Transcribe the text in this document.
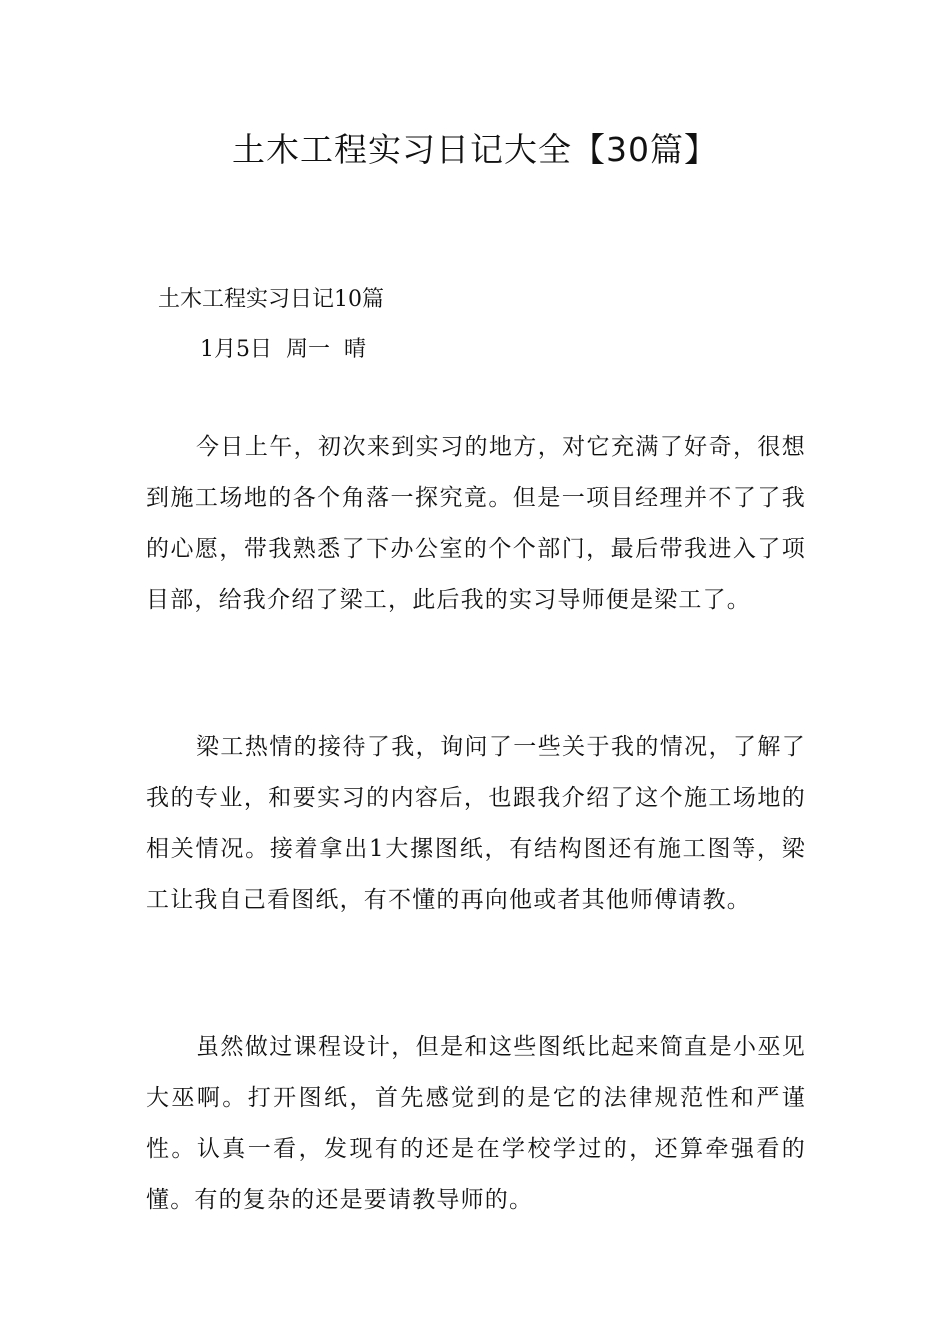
土木工程实习日记大全【30篇】

土木工程实习日记10篇

1月5日  周一  晴

今日上午，初次来到实习的地方，对它充满了好奇，很想到施工场地的各个角落一探究竟。但是一项目经理并不了了我的心愿，带我熟悉了下办公室的个个部门，最后带我进入了项目部，给我介绍了梁工，此后我的实习导师便是梁工了。

梁工热情的接待了我，询问了一些关于我的情况，了解了我的专业，和要实习的内容后，也跟我介绍了这个施工场地的相关情况。接着拿出1大摞图纸，有结构图还有施工图等，梁工让我自己看图纸，有不懂的再向他或者其他师傅请教。

虽然做过课程设计，但是和这些图纸比起来简直是小巫见大巫啊。打开图纸，首先感觉到的是它的法律规范性和严谨性。认真一看，发现有的还是在学校学过的，还算牵强看的懂。有的复杂的还是要请教导师的。
